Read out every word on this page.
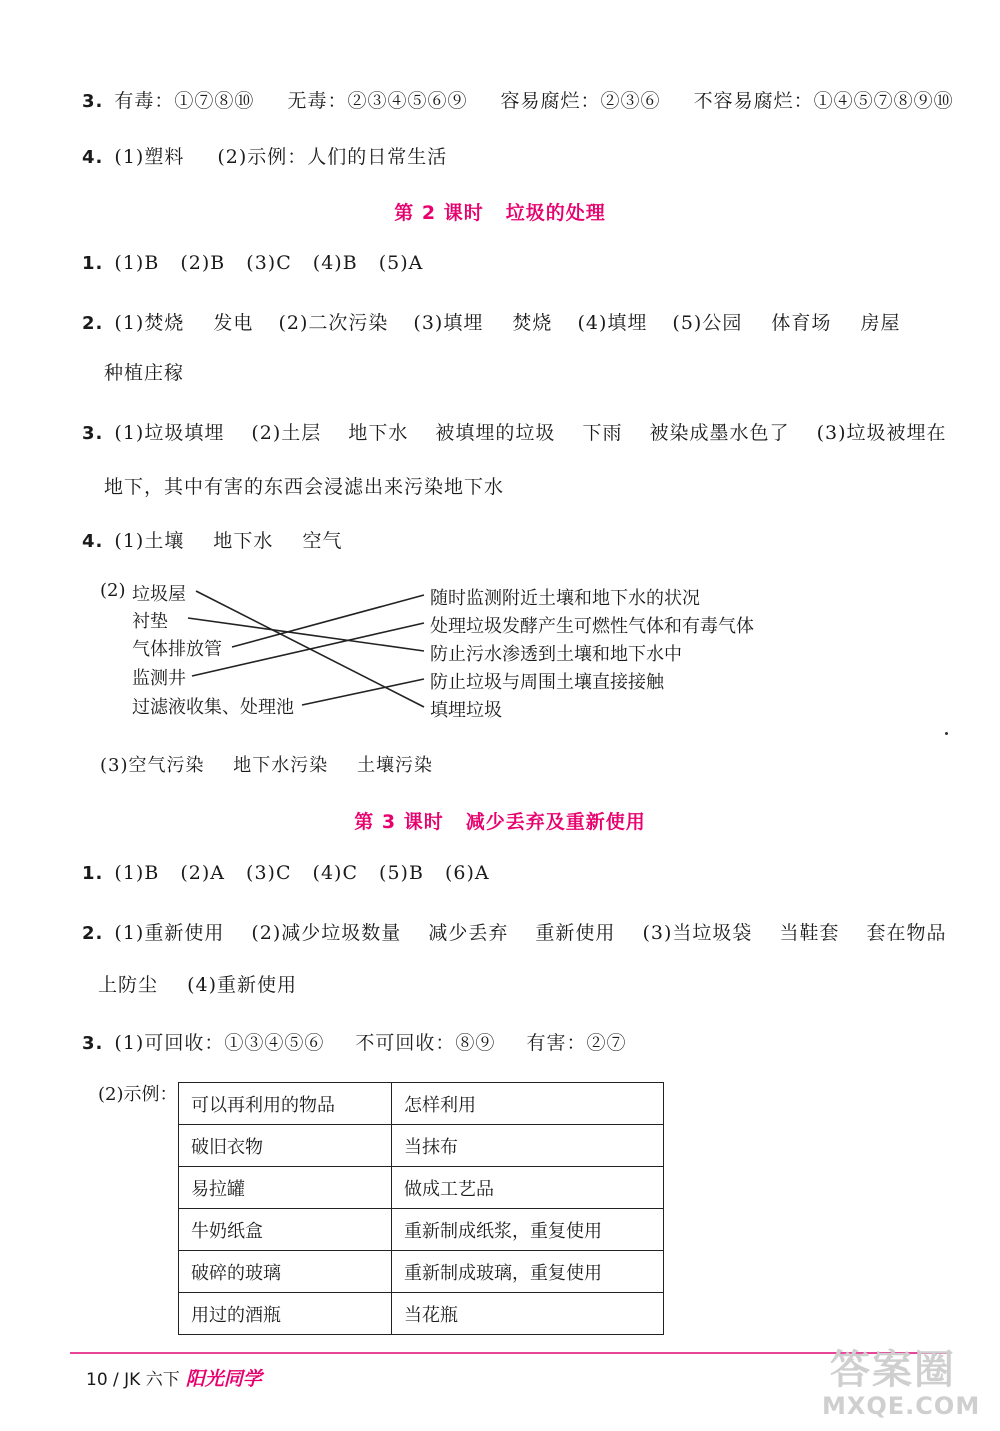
3. 有毒：①⑦⑧⑩ 无毒：②③④⑤⑥⑨ 容易腐烂：②③⑥ 不容易腐烂：①④⑤⑦⑧⑨⑩
4. (1)塑料 (2)示例：人们的日常生活
第 2 课时 垃圾的处理
1. (1)B (2)B (3)C (4)B (5)A
2. (1)焚烧 发电 (2)二次污染 (3)填埋 焚烧 (4)填埋 (5)公园 体育场 房屋
种植庄稼
3. (1)垃圾填埋 (2)土层 地下水 被填埋的垃圾 下雨 被染成墨水色了 (3)垃圾被埋在
地下，其中有害的东西会浸滤出来污染地下水
4. (1)土壤 地下水 空气
(2) 垃圾屋
衬垫
气体排放管
监测井
过滤液收集、处理池
随时监测附近土壤和地下水的状况
处理垃圾发酵产生可燃性气体和有毒气体
防止污水渗透到土壤和地下水中
防止垃圾与周围土壤直接接触
填埋垃圾
(3)空气污染 地下水污染 土壤污染
第 3 课时 减少丢弃及重新使用
1. (1)B (2)A (3)C (4)C (5)B (6)A
2. (1)重新使用 (2)减少垃圾数量 减少丢弃 重新使用 (3)当垃圾袋 当鞋套 套在物品
上防尘 (4)重新使用
3. (1)可回收：①③④⑤⑥ 不可回收：⑧⑨ 有害：②⑦
(2)示例： 可以再利用的物品	怎样利用
破旧衣物	当抹布
易拉罐	做成工艺品
牛奶纸盒	重新制成纸浆，重复使用
破碎的玻璃	重新制成玻璃，重复使用
用过的酒瓶	当花瓶
10 / JK 六下 阳光同学	答案圈
MXQE.COM
